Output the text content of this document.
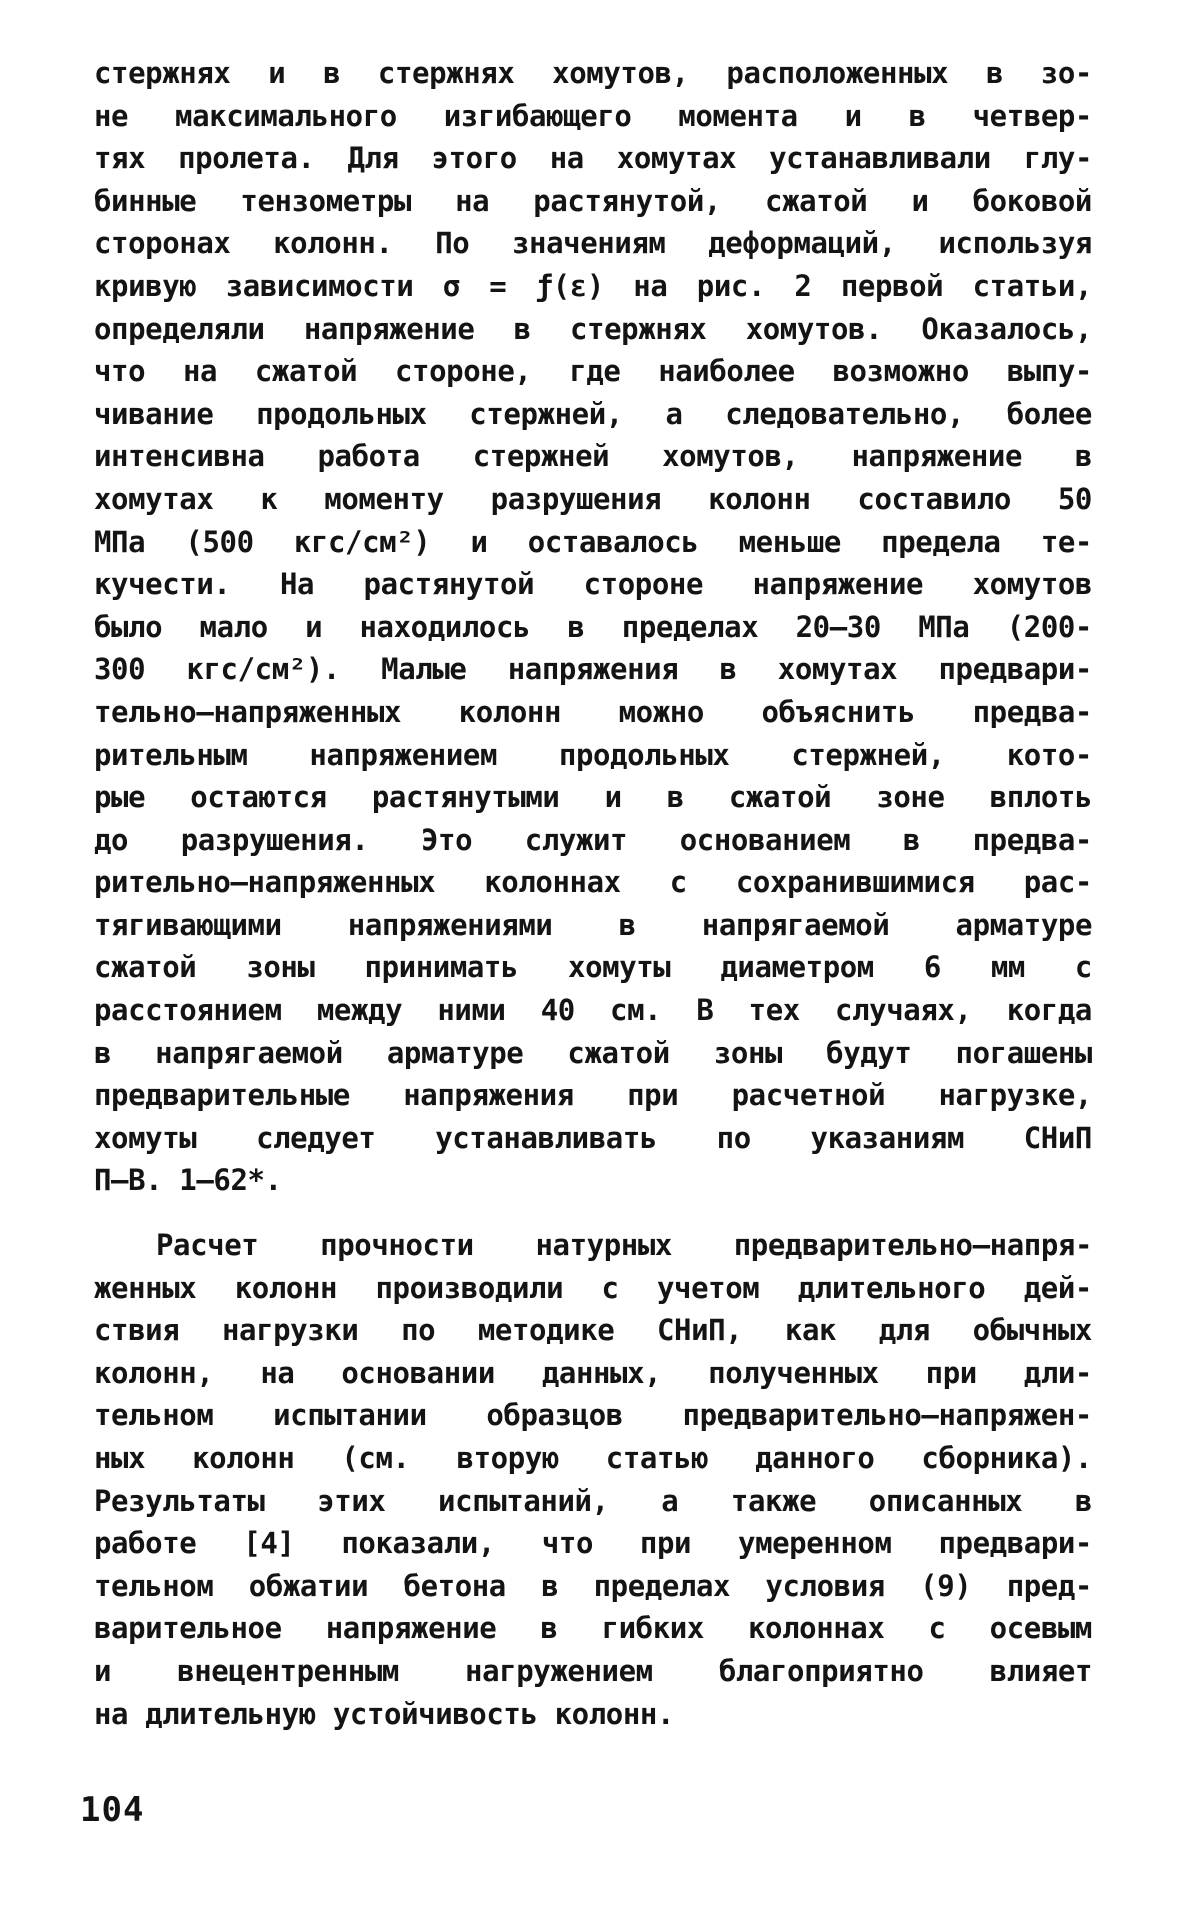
стержнях и в стержнях хомутов, расположенных в зо-
не максимального изгибающего момента и в четвер-
тях пролета. Для этого на хомутах устанавливали глу-
бинные тензометры на растянутой, сжатой и боковой
сторонах колонн. По значениям деформаций, используя
кривую зависимости σ = ƒ(ε) на рис. 2 первой статьи,
определяли напряжение в стержнях хомутов. Оказалось,
что на сжатой стороне, где наиболее возможно выпу-
чивание продольных стержней, а следовательно, более
интенсивна работа стержней хомутов, напряжение в
хомутах к моменту разрушения колонн составило 50
МПа (500 кгс/см²) и оставалось меньше предела те-
кучести. На растянутой стороне напряжение хомутов
было мало и находилось в пределах 20–30 МПа (200-
300 кгс/см²). Малые напряжения в хомутах предвари-
тельно–напряженных колонн можно объяснить предва-
рительным напряжением продольных стержней, кото-
рые остаются растянутыми и в сжатой зоне вплоть
до разрушения. Это служит основанием в предва-
рительно–напряженных колоннах с сохранившимися рас-
тягивающими напряжениями в напрягаемой арматуре
сжатой зоны принимать хомуты диаметром 6 мм с
расстоянием между ними 40 см. В тех случаях, когда
в напрягаемой арматуре сжатой зоны будут погашены
предварительные напряжения при расчетной нагрузке,
хомуты следует устанавливать по указаниям СНиП
П–В. 1–62*.
Расчет прочности натурных предварительно–напря-
женных колонн производили с учетом длительного дей-
ствия нагрузки по методике СНиП, как для обычных
колонн, на основании данных, полученных при дли-
тельном испытании образцов предварительно–напряжен-
ных колонн (см. вторую статью данного сборника).
Результаты этих испытаний, а также описанных в
работе [4] показали, что при умеренном предвари-
тельном обжатии бетона в пределах условия (9) пред-
варительное напряжение в гибких колоннах с осевым
и внецентренным нагружением благоприятно влияет
на длительную устойчивость колонн.
104
